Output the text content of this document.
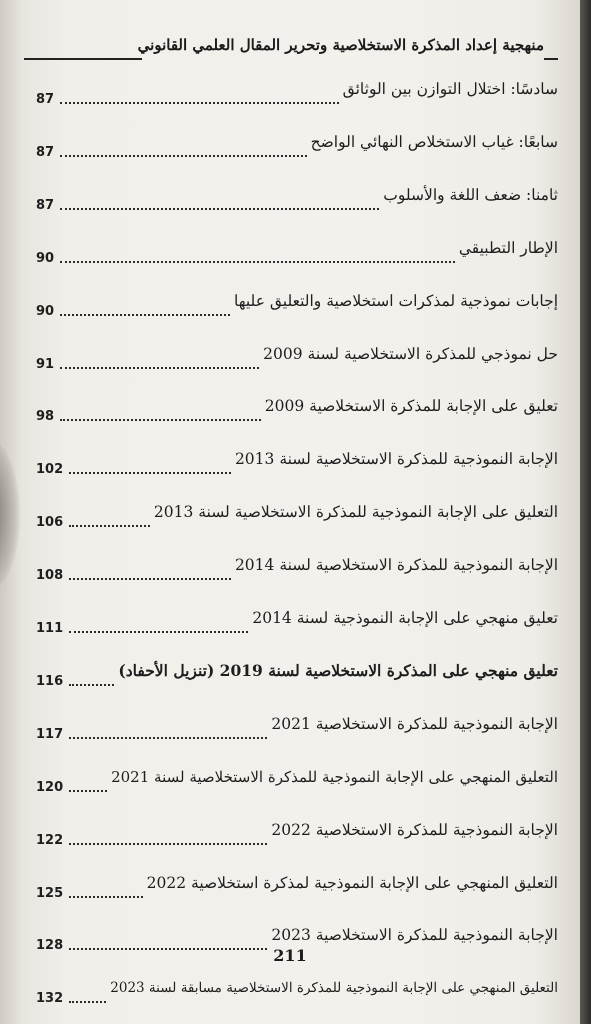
منهجية إعداد المذكرة الاستخلاصية وتحرير المقال العلمي القانوني
سادسًا: اختلال التوازن بين الوثائق
87
سابعًا: غياب الاستخلاص النهائي الواضح
87
ثامنا: ضعف اللغة والأسلوب
87
الإطار التطبيقي
90
إجابات نموذجية لمذكرات استخلاصية والتعليق عليها
90
حل نموذجي للمذكرة الاستخلاصية لسنة 2009
91
تعليق على الإجابة للمذكرة الاستخلاصية 2009
98
الإجابة النموذجية للمذكرة الاستخلاصية لسنة 2013
102
التعليق على الإجابة النموذجية للمذكرة الاستخلاصية لسنة 2013
106
الإجابة النموذجية للمذكرة الاستخلاصية لسنة 2014
108
تعليق منهجي على الإجابة النموذجية لسنة 2014
111
تعليق منهجي على المذكرة الاستخلاصية لسنة 2019 (تنزيل الأحفاد)
116
الإجابة النموذجية للمذكرة الاستخلاصية 2021
117
التعليق المنهجي على الإجابة النموذجية للمذكرة الاستخلاصية لسنة 2021
120
الإجابة النموذجية للمذكرة الاستخلاصية 2022
122
التعليق المنهجي على الإجابة النموذجية لمذكرة استخلاصية 2022
125
الإجابة النموذجية للمذكرة الاستخلاصية 2023
128
التعليق المنهجي على الإجابة النموذجية للمذكرة الاستخلاصية مسابقة لسنة 2023
132
211
